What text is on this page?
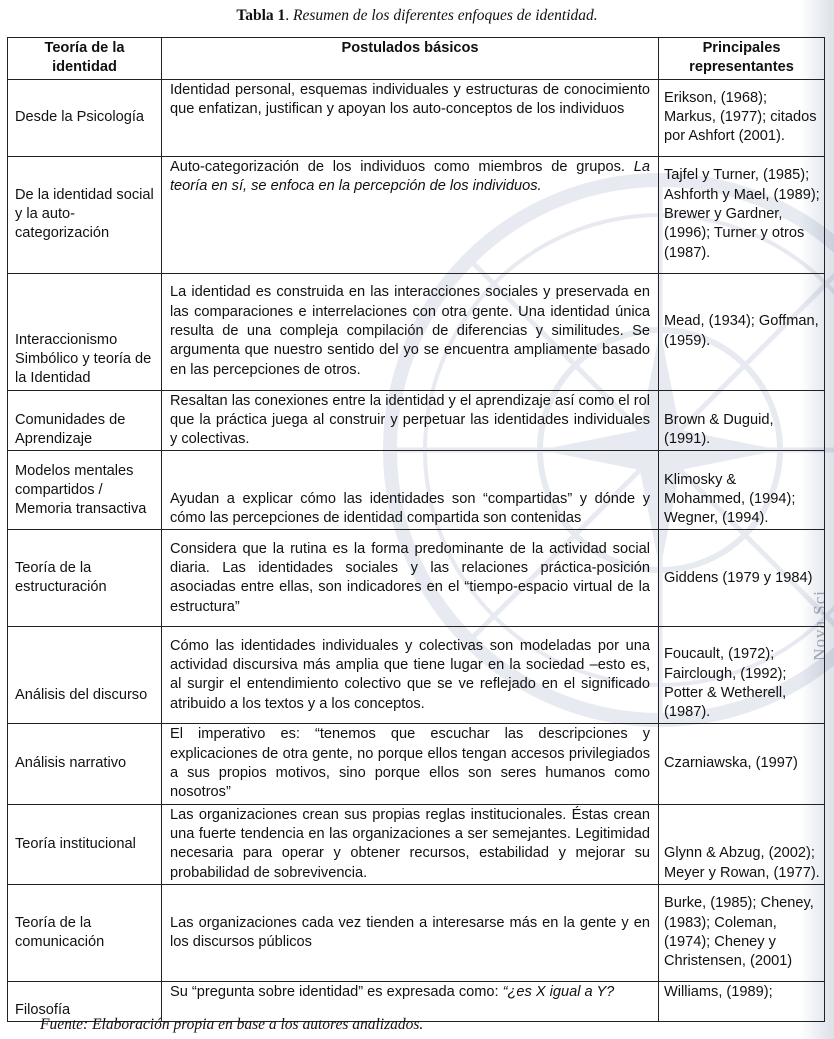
Nova Sci
Tabla 1. Resumen de los diferentes enfoques de identidad.
Teoría de la identidad	Postulados básicos	Principales representantes
Desde la Psicología	Identidad personal, esquemas individuales y estructuras de conocimiento que enfatizan, justifican y apoyan los auto-conceptos de los individuos	Erikson, (1968); Markus, (1977); citados por Ashfort (2001).
De la identidad social y la auto-categorización	Auto-categorización de los individuos como miembros de grupos. La teoría en sí, se enfoca en la percepción de los individuos.	Tajfel y Turner, (1985); Ashforth y Mael, (1989); Brewer y Gardner, (1996); Turner y otros (1987).
Interaccionismo Simbólico y teoría de la Identidad	La identidad es construida en las interacciones sociales y preservada en las comparaciones e interrelaciones con otra gente. Una identidad única resulta de una compleja compilación de diferencias y similitudes. Se argumenta que nuestro sentido del yo se encuentra ampliamente basado en las percepciones de otros.	Mead, (1934); Goffman, (1959).
Comunidades de Aprendizaje	Resaltan las conexiones entre la identidad y el aprendizaje así como el rol que la práctica juega al construir y perpetuar las identidades individuales y colectivas.	Brown & Duguid, (1991).
Modelos mentales compartidos / Memoria transactiva	Ayudan a explicar cómo las identidades son “compartidas” y dónde y cómo las percepciones de identidad compartida son contenidas	Klimosky & Mohammed, (1994); Wegner, (1994).
Teoría de la estructuración	Considera que la rutina es la forma predominante de la actividad social diaria. Las identidades sociales y las relaciones práctica-posición asociadas entre ellas, son indicadores en el “tiempo-espacio virtual de la estructura”	Giddens (1979 y 1984)
Análisis del discurso	Cómo las identidades individuales y colectivas son modeladas por una actividad discursiva más amplia que tiene lugar en la sociedad –esto es, al surgir el entendimiento colectivo que se ve reflejado en el significado atribuido a los textos y a los conceptos.	Foucault, (1972); Fairclough, (1992); Potter & Wetherell, (1987).
Análisis narrativo	El imperativo es: “tenemos que escuchar las descripciones y explicaciones de otra gente, no porque ellos tengan accesos privilegiados a sus propios motivos, sino porque ellos son seres humanos como nosotros”	Czarniawska, (1997)
Teoría institucional	Las organizaciones crean sus propias reglas institucionales. Éstas crean una fuerte tendencia en las organizaciones a ser semejantes. Legitimidad necesaria para operar y obtener recursos, estabilidad y mejorar su probabilidad de sobrevivencia.	Glynn & Abzug, (2002); Meyer y Rowan, (1977).
Teoría de la comunicación	Las organizaciones cada vez tienden a interesarse más en la gente y en los discursos públicos	Burke, (1985); Cheney, (1983); Coleman, (1974); Cheney y Christensen, (2001)
Filosofía	Su “pregunta sobre identidad” es expresada como: “¿es X igual a Y?	Williams, (1989);
Fuente: Elaboración propia en base a los autores analizados.
